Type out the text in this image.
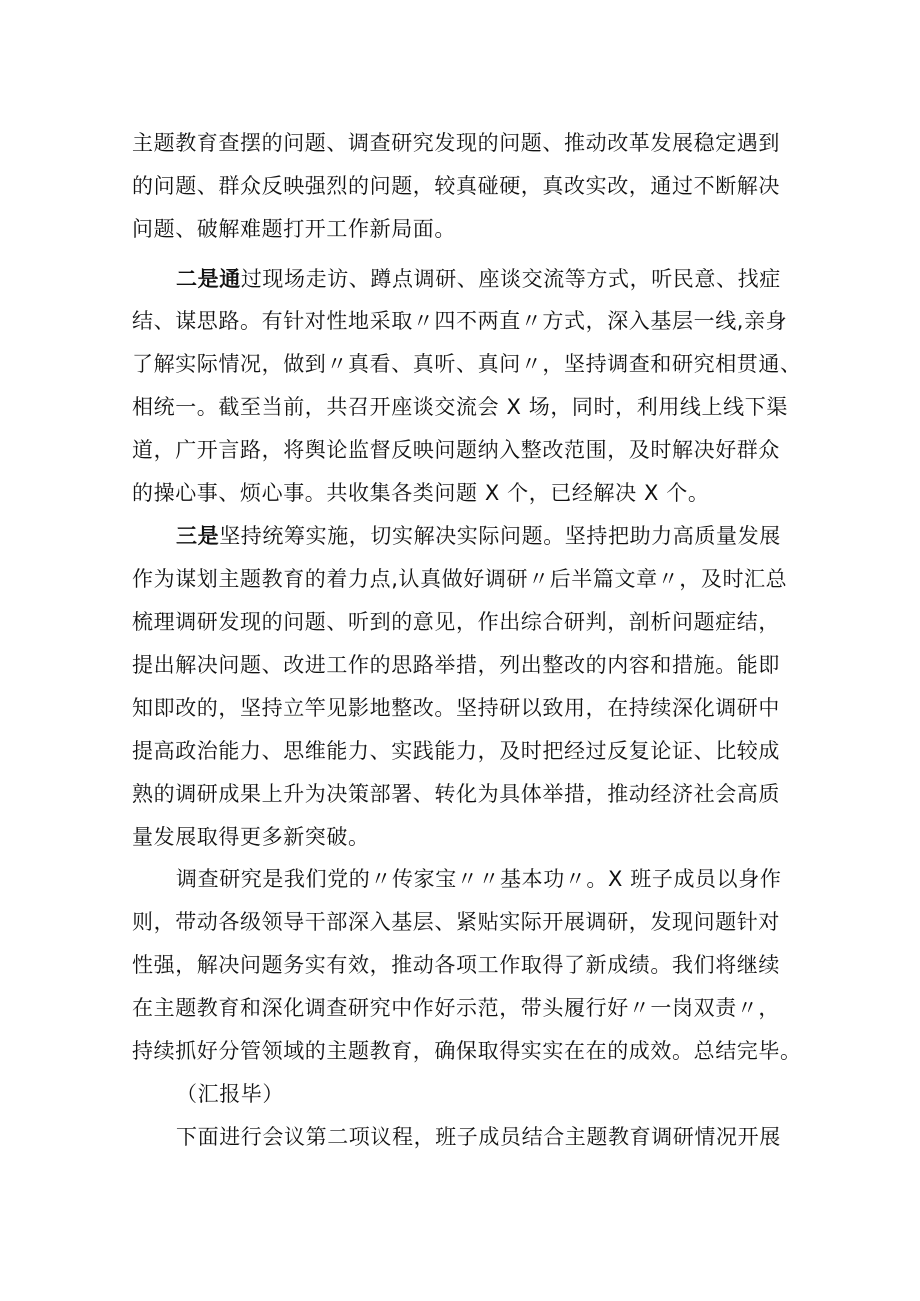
主题教育查摆的问题、调查研究发现的问题、推动改革发展稳定遇到
的问题、群众反映强烈的问题，较真碰硬，真改实改，通过不断解决
问题、破解难题打开工作新局面。
二是通过现场走访、蹲点调研、座谈交流等方式，听民意、找症
结、谋思路。有针对性地采取〃四不两直〃方式，深入基层一线,亲身
了解实际情况，做到〃真看、真听、真问〃，坚持调查和研究相贯通、
相统一。截至当前，共召开座谈交流会 X 场，同时，利用线上线下渠
道，广开言路，将舆论监督反映问题纳入整改范围，及时解决好群众
的操心事、烦心事。共收集各类问题 X 个，已经解决 X 个。
三是坚持统筹实施，切实解决实际问题。坚持把助力高质量发展
作为谋划主题教育的着力点,认真做好调研〃后半篇文章〃，及时汇总
梳理调研发现的问题、听到的意见，作出综合研判，剖析问题症结，
提出解决问题、改进工作的思路举措，列出整改的内容和措施。能即
知即改的，坚持立竿见影地整改。坚持研以致用，在持续深化调研中
提高政治能力、思维能力、实践能力，及时把经过反复论证、比较成
熟的调研成果上升为决策部署、转化为具体举措，推动经济社会高质
量发展取得更多新突破。
调查研究是我们党的〃传家宝〃〃基本功〃。X 班子成员以身作
则，带动各级领导干部深入基层、紧贴实际开展调研，发现问题针对
性强，解决问题务实有效，推动各项工作取得了新成绩。我们将继续
在主题教育和深化调查研究中作好示范，带头履行好〃一岗双责〃，
持续抓好分管领域的主题教育，确保取得实实在在的成效。总结完毕。
（汇报毕）
下面进行会议第二项议程，班子成员结合主题教育调研情况开展
